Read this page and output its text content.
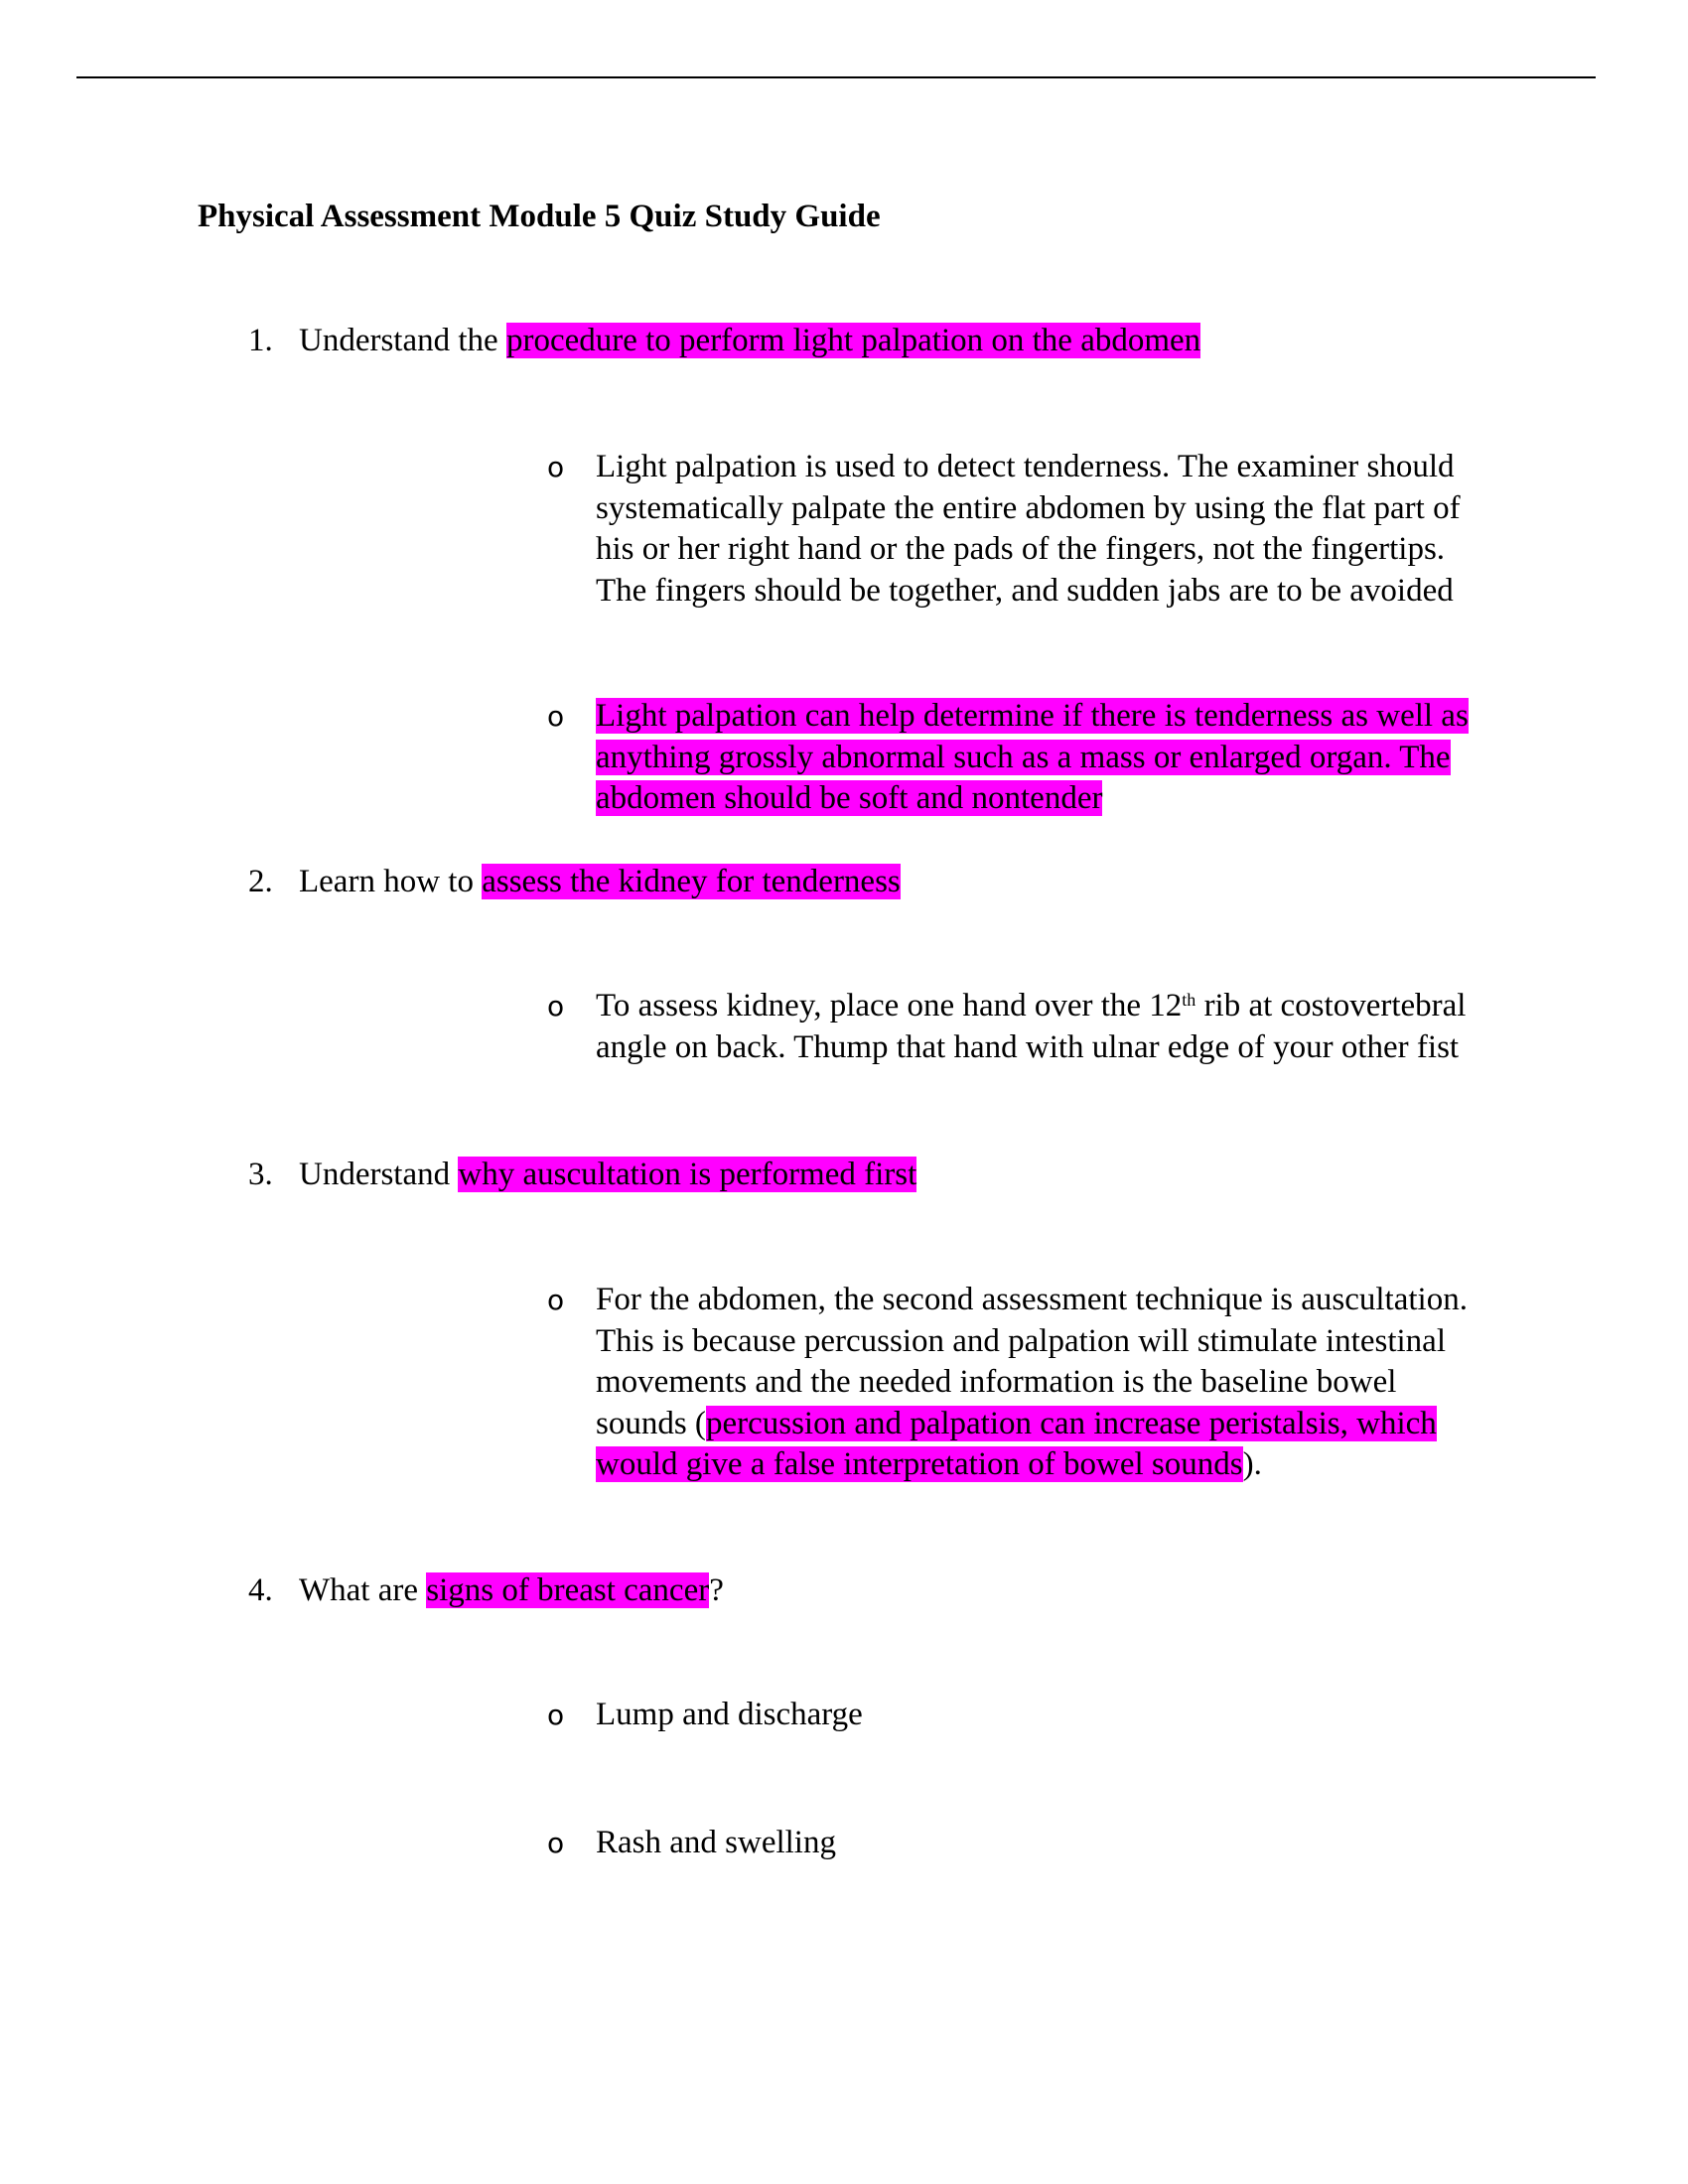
Physical Assessment Module 5 Quiz Study Guide
1. Understand the procedure to perform light palpation on the abdomen
o Light palpation is used to detect tenderness. The examiner should
systematically palpate the entire abdomen by using the flat part of
his or her right hand or the pads of the fingers, not the fingertips.
The fingers should be together, and sudden jabs are to be avoided
o Light palpation can help determine if there is tenderness as well as
anything grossly abnormal such as a mass or enlarged organ. The
abdomen should be soft and nontender
2. Learn how to assess the kidney for tenderness
o To assess kidney, place one hand over the 12th rib at costovertebral
angle on back. Thump that hand with ulnar edge of your other fist
3. Understand why auscultation is performed first
o For the abdomen, the second assessment technique is auscultation.
This is because percussion and palpation will stimulate intestinal
movements and the needed information is the baseline bowel
sounds (percussion and palpation can increase peristalsis, which
would give a false interpretation of bowel sounds).
4. What are signs of breast cancer?
o Lump and discharge
o Rash and swelling
